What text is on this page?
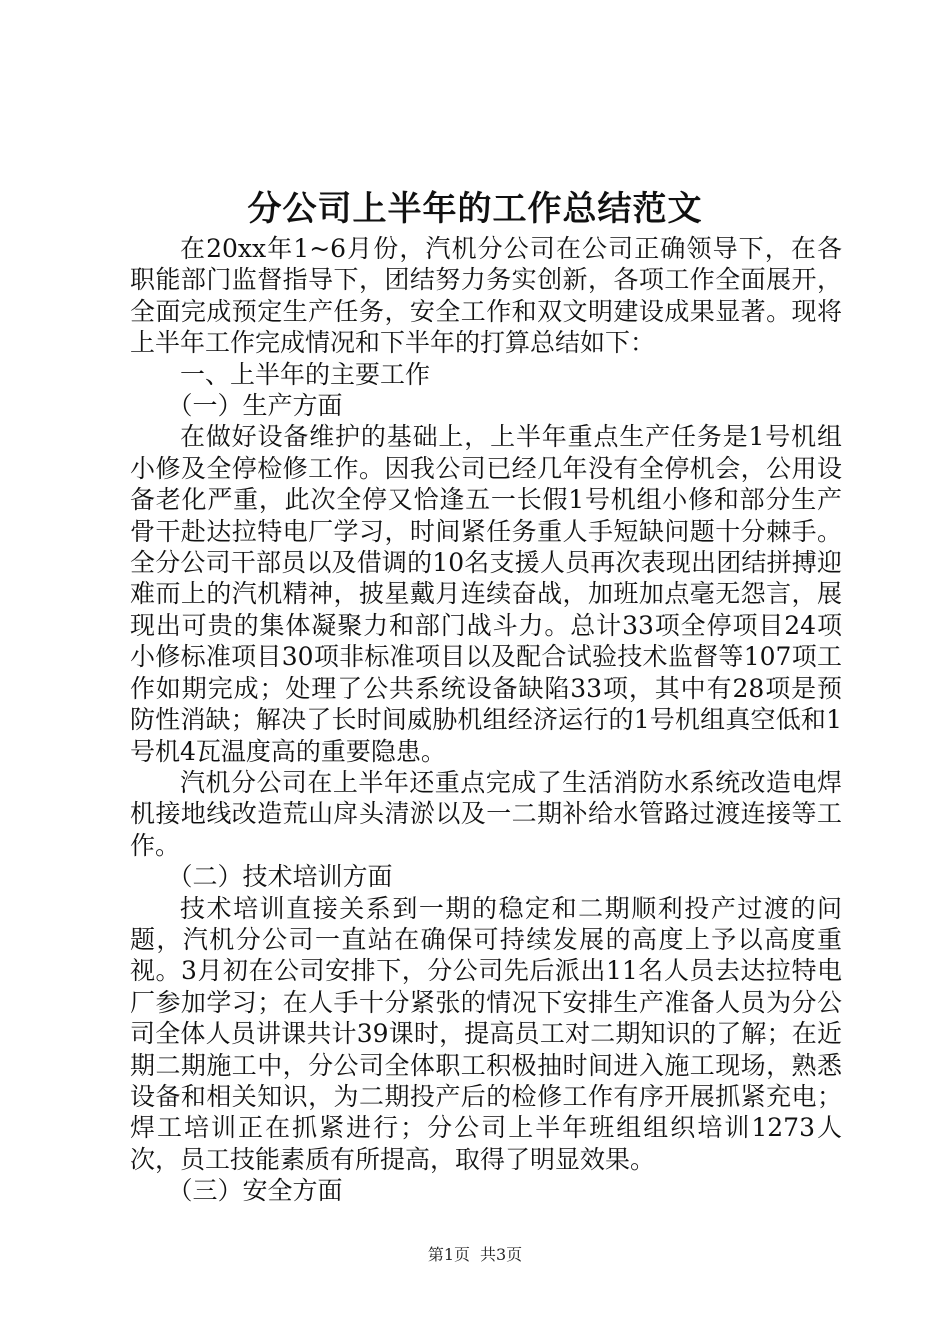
分公司上半年的工作总结范文

在20xx年1~6月份，汽机分公司在公司正确领导下，在各职能部门监督指导下，团结努力务实创新，各项工作全面展开，全面完成预定生产任务，安全工作和双文明建设成果显著。现将上半年工作完成情况和下半年的打算总结如下：

一、上半年的主要工作

（一）生产方面

在做好设备维护的基础上，上半年重点生产任务是1号机组小修及全停检修工作。因我公司已经几年没有全停机会，公用设备老化严重，此次全停又恰逢五一长假1号机组小修和部分生产骨干赴达拉特电厂学习，时间紧任务重人手短缺问题十分棘手。全分公司干部员以及借调的10名支援人员再次表现出团结拼搏迎难而上的汽机精神，披星戴月连续奋战，加班加点毫无怨言，展现出可贵的集体凝聚力和部门战斗力。总计33项全停项目24项小修标准项目30项非标准项目以及配合试验技术监督等107项工作如期完成；处理了公共系统设备缺陷33项，其中有28项是预防性消缺；解决了长时间威胁机组经济运行的1号机组真空低和1号机4瓦温度高的重要隐患。

汽机分公司在上半年还重点完成了生活消防水系统改造电焊机接地线改造荒山戽头清淤以及一二期补给水管路过渡连接等工作。

（二）技术培训方面

技术培训直接关系到一期的稳定和二期顺利投产过渡的问题，汽机分公司一直站在确保可持续发展的高度上予以高度重视。3月初在公司安排下，分公司先后派出11名人员去达拉特电厂参加学习；在人手十分紧张的情况下安排生产准备人员为分公司全体人员讲课共计39课时，提高员工对二期知识的了解；在近期二期施工中，分公司全体职工积极抽时间进入施工现场，熟悉设备和相关知识，为二期投产后的检修工作有序开展抓紧充电；焊工培训正在抓紧进行；分公司上半年班组组织培训1273人次，员工技能素质有所提高，取得了明显效果。

（三）安全方面

第1页 共3页
